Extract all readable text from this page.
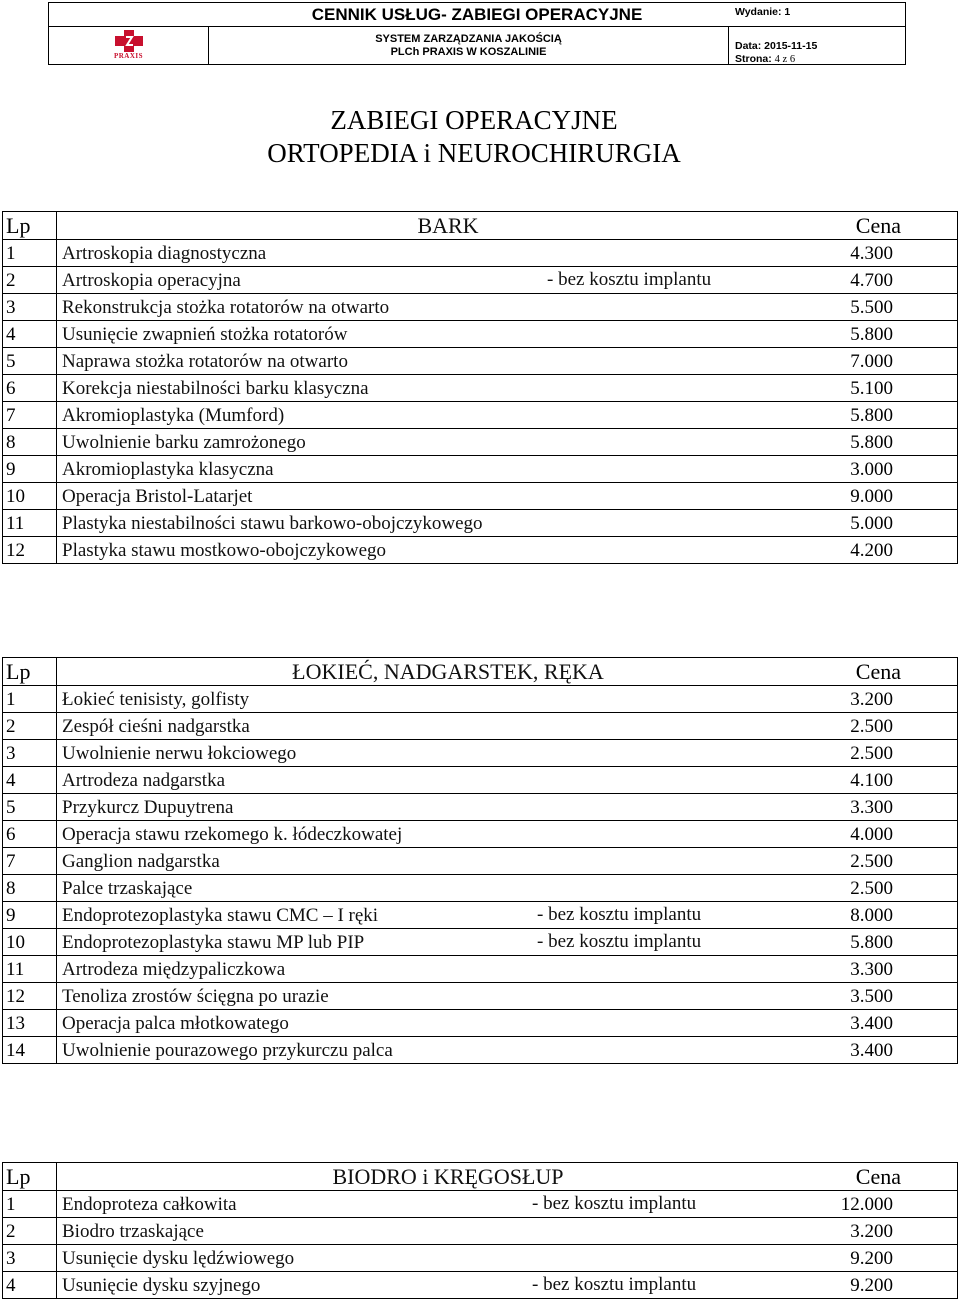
CENNIK USŁUG- ZABIEGI OPERACYJNE
PRAXIS
SYSTEM ZARZĄDZANIA JAKOŚCIĄ
PLCh PRAXIS W KOSZALINIE
Wydanie: 1
Data: 2015-11-15
Strona: 4 z 6
ZABIEGI OPERACYJNE
ORTOPEDIA i NEUROCHIRURGIA
Lp	BARK	Cena
1	Artroskopia diagnostyczna	4.300
2	Artroskopia operacyjna - bez kosztu implantu	4.700
3	Rekonstrukcja stożka rotatorów na otwarto	5.500
4	Usunięcie zwapnień stożka rotatorów	5.800
5	Naprawa stożka rotatorów na otwarto	7.000
6	Korekcja niestabilności barku klasyczna	5.100
7	Akromioplastyka (Mumford)	5.800
8	Uwolnienie barku zamrożonego	5.800
9	Akromioplastyka klasyczna	3.000
10	Operacja Bristol-Latarjet	9.000
11	Plastyka niestabilności stawu barkowo-obojczykowego	5.000
12	Plastyka stawu mostkowo-obojczykowego	4.200
Lp	ŁOKIEĆ, NADGARSTEK, RĘKA	Cena
1	Łokieć tenisisty, golfisty	3.200
2	Zespół cieśni nadgarstka	2.500
3	Uwolnienie nerwu łokciowego	2.500
4	Artrodeza nadgarstka	4.100
5	Przykurcz Dupuytrena	3.300
6	Operacja stawu rzekomego k. łódeczkowatej	4.000
7	Ganglion nadgarstka	2.500
8	Palce trzaskające	2.500
9	Endoprotezoplastyka stawu CMC – I ręki - bez kosztu implantu	8.000
10	Endoprotezoplastyka stawu MP lub PIP - bez kosztu implantu	5.800
11	Artrodeza międzypaliczkowa	3.300
12	Tenoliza zrostów ścięgna po urazie	3.500
13	Operacja palca młotkowatego	3.400
14	Uwolnienie pourazowego przykurczu palca	3.400
Lp	BIODRO i KRĘGOSŁUP	Cena
1	Endoproteza całkowita - bez kosztu implantu	12.000
2	Biodro trzaskające	3.200
3	Usunięcie dysku lędźwiowego	9.200
4	Usunięcie dysku szyjnego - bez kosztu implantu	9.200
